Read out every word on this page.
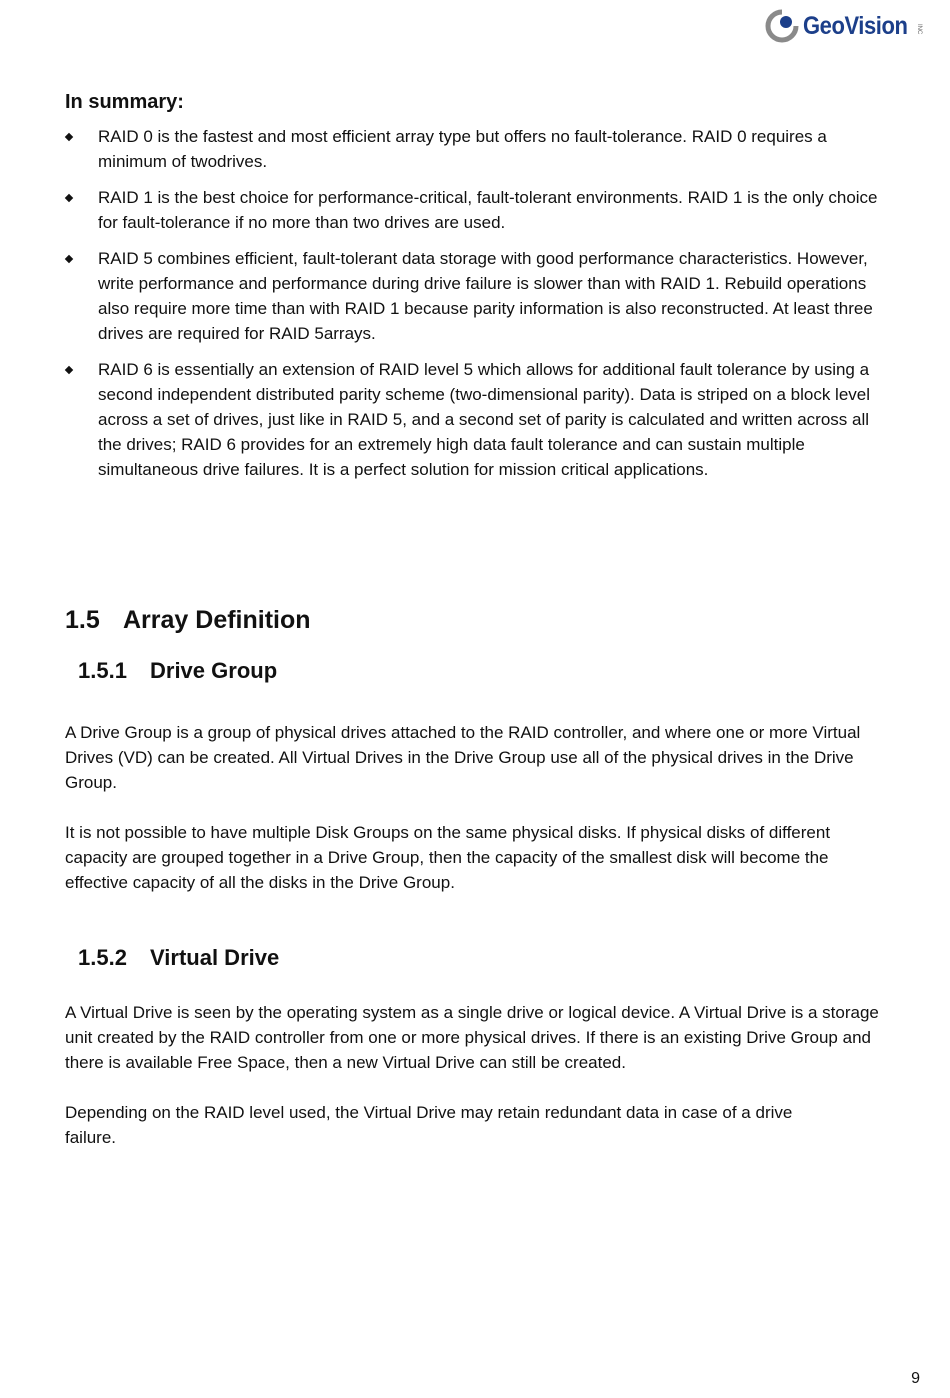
GeoVision INC
In summary:
RAID 0 is the fastest and most efficient array type but offers no fault-tolerance. RAID 0 requires a minimum of twodrives.
RAID 1 is the best choice for performance-critical, fault-tolerant environments. RAID 1 is the only choice for fault-tolerance if no more than two drives are used.
RAID 5 combines efficient, fault-tolerant data storage with good performance characteristics. However, write performance and performance during drive failure is slower than with RAID 1. Rebuild operations also require more time than with RAID 1 because parity information is also reconstructed. At least three drives are required for RAID 5arrays.
RAID 6 is essentially an extension of RAID level 5 which allows for additional fault tolerance by using a second independent distributed parity scheme (two-dimensional parity). Data is striped on a block level across a set of drives, just like in RAID 5, and a second set of parity is calculated and written across all the drives; RAID 6 provides for an extremely high data fault tolerance and can sustain multiple simultaneous drive failures. It is a perfect solution for mission critical applications.
1.5 Array Definition
1.5.1 Drive Group

A Drive Group is a group of physical drives attached to the RAID controller, and where one or more Virtual Drives (VD) can be created. All Virtual Drives in the Drive Group use all of the physical drives in the Drive Group.

It is not possible to have multiple Disk Groups on the same physical disks. If physical disks of different capacity are grouped together in a Drive Group, then the capacity of the smallest disk will become the effective capacity of all the disks in the Drive Group.

1.5.2 Virtual Drive

A Virtual Drive is seen by the operating system as a single drive or logical device. A Virtual Drive is a storage unit created by the RAID controller from one or more physical drives. If there is an existing Drive Group and there is available Free Space, then a new Virtual Drive can still be created.

Depending on the RAID level used, the Virtual Drive may retain redundant data in case of a drive failure.

9
